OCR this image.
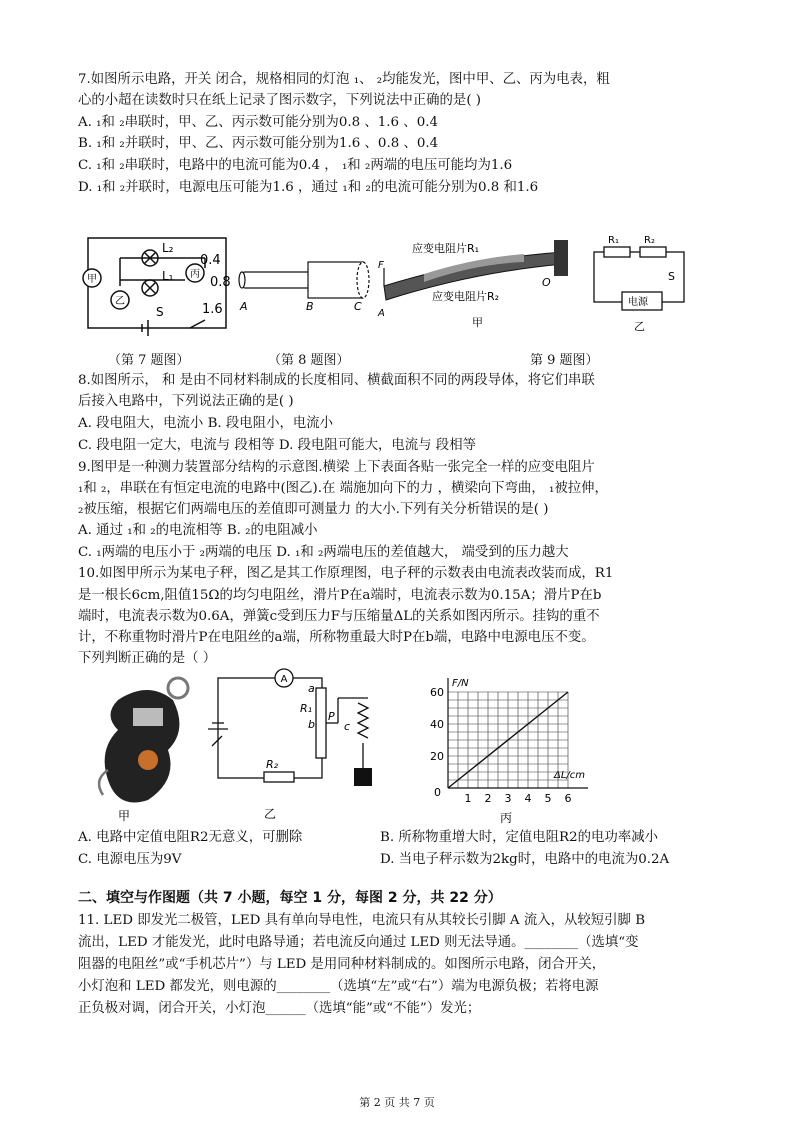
7.如图所示电路，开关 闭合，规格相同的灯泡 ₁、 ₂均能发光，图中甲、乙、丙为电表，粗
心的小超在读数时只在纸上记录了图示数字，下列说法中正确的是( )
A. ₁和 ₂串联时，甲、乙、丙示数可能分别为0.8 、1.6 、0.4
B. ₁和 ₂并联时，甲、乙、丙示数可能分别为1.6 、0.8 、0.4
C. ₁和 ₂串联时，电路中的电流可能为0.4 ， ₁和 ₂两端的电压可能均为1.6
D. ₁和 ₂并联时，电源电压可能为1.6 ，通过 ₁和 ₂的电流可能分别为0.8 和1.6
甲
乙
丙
L₂
L₁
S
0.4
0.8
1.6 A	B	C
应变电阻片R₁
应变电阻片R₂
F
A
O
甲
R₁	R₂
S
电源
乙
（第 7 题图）	（第 8 题图）	第 9 题图）
8.如图所示， 和 是由不同材料制成的长度相同、横截面积不同的两段导体，将它们串联
后接入电路中，下列说法正确的是( )
A. 段电阻大，电流小 B. 段电阻小，电流小
C. 段电阻一定大，电流与 段相等 D. 段电阻可能大，电流与 段相等
9.图甲是一种测力装置部分结构的示意图.横梁 上下表面各贴一张完全一样的应变电阻片
₁和 ₂，串联在有恒定电流的电路中(图乙).在 端施加向下的力 ，横梁向下弯曲， ₁被拉伸，
₂被压缩，根据它们两端电压的差值即可测量力 的大小.下列有关分析错误的是( )
A. 通过 ₁和 ₂的电流相等 B. ₂的电阻减小
C. ₁两端的电压小于 ₂两端的电压 D. ₁和 ₂两端电压的差值越大， 端受到的压力越大
10.如图甲所示为某电子秤，图乙是其工作原理图，电子秤的示数表由电流表改装而成，R1
是一根长6cm,阻值15Ω的均匀电阻丝，滑片P在a端时，电流表示数为0.15A；滑片P在b
端时，电流表示数为0.6A，弹簧c受到压力F与压缩量ΔL的关系如图丙所示。挂钩的重不
计，不称重物时滑片P在电阻丝的a端，所称物重最大时P在b端，电路中电源电压不变。
下列判断正确的是（ ）
甲
A
a
R₁
b
P
c
R₂
乙
F/N
ΔL/cm
0 1 2 3 4 5 6
20
40
60
丙
A. 电路中定值电阻R2无意义，可删除	B. 所称物重增大时，定值电阻R2的电功率减小
C. 电源电压为9V	D. 当电子秤示数为2kg时，电路中的电流为0.2A
二、填空与作图题（共 7 小题，每空 1 分，每图 2 分，共 22 分）
11. LED 即发光二极管，LED 具有单向导电性，电流只有从其较长引脚 A 流入，从较短引脚 B
流出，LED 才能发光，此时电路导通；若电流反向通过 LED 则无法导通。________（选填“变
阻器的电阻丝”或“手机芯片”）与 LED 是用同种材料制成的。如图所示电路，闭合开关，
小灯泡和 LED 都发光，则电源的________（选填“左”或“右”）端为电源负极；若将电源
正负极对调，闭合开关，小灯泡______（选填“能”或“不能”）发光；
第 2 页 共 7 页
